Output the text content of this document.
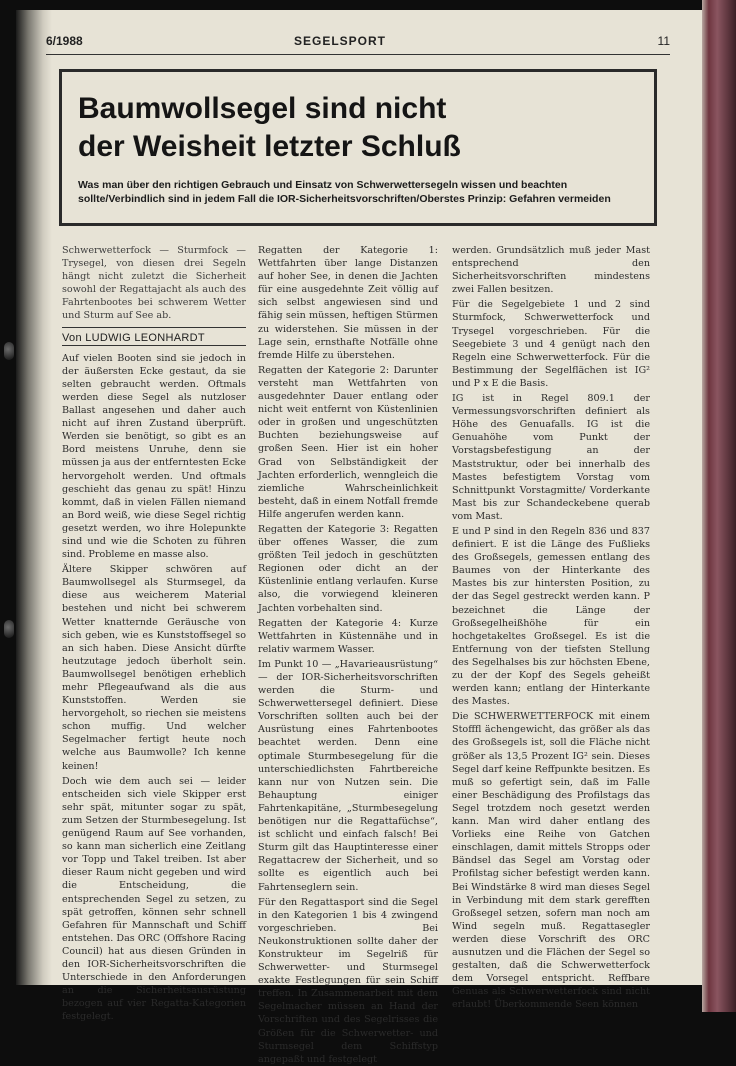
6/1988	SEGELSPORT	11
Baumwollsegel sind nicht
der Weisheit letzter Schluß

Was man über den richtigen Gebrauch und Einsatz von Schwerwettersegeln wissen und beachten sollte/Verbindlich sind in jedem Fall die IOR-Sicherheitsvorschriften/Oberstes Prinzip: Gefahren vermeiden

Schwerwetterfock — Sturmfock — Trysegel, von diesen drei Segeln hängt nicht zuletzt die Sicherheit sowohl der Regattajacht als auch des Fahrtenbootes bei schwerem Wetter und Sturm auf See ab.

Von LUDWIG LEONHARDT

Auf vielen Booten sind sie jedoch in der äußersten Ecke gestaut, da sie selten gebraucht werden. Oftmals werden diese Segel als nutzloser Ballast angesehen und daher auch nicht auf ihren Zustand überprüft. Werden sie benötigt, so gibt es an Bord meistens Unruhe, denn sie müssen ja aus der entferntesten Ecke hervorgeholt werden. Und oftmals geschieht das genau zu spät! Hinzu kommt, daß in vielen Fällen niemand an Bord weiß, wie diese Segel richtig gesetzt werden, wo ihre Holepunkte sind und wie die Schoten zu führen sind. Probleme en masse also.

Ältere Skipper schwören auf Baumwollsegel als Sturmsegel, da diese aus weicherem Material bestehen und nicht bei schwerem Wetter knatternde Geräusche von sich geben, wie es Kunststoffsegel so an sich haben. Diese Ansicht dürfte heutzutage jedoch überholt sein. Baumwollsegel benötigen erheblich mehr Pflegeaufwand als die aus Kunststoffen. Werden sie hervorgeholt, so riechen sie meistens schon muffig. Und welcher Segelmacher fertigt heute noch welche aus Baumwolle? Ich kenne keinen!

Doch wie dem auch sei — leider entscheiden sich viele Skipper erst sehr spät, mitunter sogar zu spät, zum Setzen der Sturmbesegelung. Ist genügend Raum auf See vorhanden, so kann man sicherlich eine Zeitlang vor Topp und Takel treiben. Ist aber dieser Raum nicht gegeben und wird die Entscheidung, die entsprechenden Segel zu setzen, zu spät getroffen, können sehr schnell Gefahren für Mannschaft und Schiff entstehen. Das ORC (Offshore Racing Council) hat aus diesen Gründen in den IOR-Sicherheitsvorschriften die Unterschiede in den Anforderungen an die Sicherheitsausrüstung bezogen auf vier Regatta-Kategorien festgelegt.

Regatten der Kategorie 1: Wettfahrten über lange Distanzen auf hoher See, in denen die Jachten für eine ausgedehnte Zeit völlig auf sich selbst angewiesen sind und fähig sein müssen, heftigen Stürmen zu widerstehen. Sie müssen in der Lage sein, ernsthafte Notfälle ohne fremde Hilfe zu überstehen.

Regatten der Kategorie 2: Darunter versteht man Wettfahrten von ausgedehnter Dauer entlang oder nicht weit entfernt von Küstenlinien oder in großen und ungeschützten Buchten beziehungsweise auf großen Seen. Hier ist ein hoher Grad von Selbständigkeit der Jachten erforderlich, wenngleich die ziemliche Wahrscheinlichkeit besteht, daß in einem Notfall fremde Hilfe angerufen werden kann.

Regatten der Kategorie 3: Regatten über offenes Wasser, die zum größten Teil jedoch in geschützten Regionen oder dicht an der Küstenlinie entlang verlaufen. Kurse also, die vorwiegend kleineren Jachten vorbehalten sind.

Regatten der Kategorie 4: Kurze Wettfahrten in Küstennähe und in relativ warmem Wasser.

Im Punkt 10 — „Havarieausrüstung“ — der IOR-Sicherheitsvorschriften werden die Sturm- und Schwerwettersegel definiert. Diese Vorschriften sollten auch bei der Ausrüstung eines Fahrtenbootes beachtet werden. Denn eine optimale Sturmbesegelung für die unterschiedlichsten Fahrtbereiche kann nur von Nutzen sein. Die Behauptung einiger Fahrtenkapitäne, „Sturmbesegelung benötigen nur die Regattafüchse“, ist schlicht und einfach falsch! Bei Sturm gilt das Hauptinteresse einer Regattacrew der Sicherheit, und so sollte es eigentlich auch bei Fahrtenseglern sein.

Für den Regattasport sind die Segel in den Kategorien 1 bis 4 zwingend vorgeschrieben. Bei Neukonstruktionen sollte daher der Konstrukteur im Segelriß für Schwerwetter- und Sturmsegel exakte Festlegungen für sein Schiff treffen. In Zusammenarbeit mit dem Segelmacher müssen an Hand der Vorschriften und des Segelrisses die Größen für die Schwerwetter- und Sturmsegel dem Schiffstyp angepaßt und festgelegt

werden. Grundsätzlich muß jeder Mast entsprechend den Sicherheitsvorschriften mindestens zwei Fallen besitzen.

Für die Segelgebiete 1 und 2 sind Sturmfock, Schwerwetterfock und Trysegel vorgeschrieben. Für die Seegebiete 3 und 4 genügt nach den Regeln eine Schwerwetterfock. Für die Bestimmung der Segelflächen ist IG² und P x E die Basis.

IG ist in Regel 809.1 der Vermessungsvorschriften definiert als Höhe des Genuafalls. IG ist die Genuahöhe vom Punkt der Vorstagsbefestigung an der Maststruktur, oder bei innerhalb des Mastes befestigtem Vorstag vom Schnittpunkt Vorstagmitte/ Vorderkante Mast bis zur Schandeckebene querab vom Mast.

E und P sind in den Regeln 836 und 837 definiert. E ist die Länge des Fußlieks des Großsegels, gemessen entlang des Baumes von der Hinterkante des Mastes bis zur hintersten Position, zu der das Segel gestreckt werden kann. P bezeichnet die Länge der Großsegelheißhöhe für ein hochgetakeltes Großsegel. Es ist die Entfernung von der tiefsten Stellung des Segelhalses bis zur höchsten Ebene, zu der der Kopf des Segels geheißt werden kann; entlang der Hinterkante des Mastes.

Die SCHWERWETTERFOCK mit einem Stofffl ächengewicht, das größer als das des Großsegels ist, soll die Fläche nicht größer als 13,5 Prozent IG² sein. Dieses Segel darf keine Reffpunkte besitzen. Es muß so gefertigt sein, daß im Falle einer Beschädigung des Profilstags das Segel trotzdem noch gesetzt werden kann. Man wird daher entlang des Vorlieks eine Reihe von Gatchen einschlagen, damit mittels Stropps oder Bändsel das Segel am Vorstag oder Profilstag sicher befestigt werden kann. Bei Windstärke 8 wird man dieses Segel in Verbindung mit dem stark gerefften Großsegel setzen, sofern man noch am Wind segeln muß. Regattasegler werden diese Vorschrift des ORC ausnutzen und die Flächen der Segel so gestalten, daß die Schwerwetterfock dem Vorsegel entspricht. Reffbare Genuas als Schwerwetterfock sind nicht erlaubt! Überkommende Seen können
